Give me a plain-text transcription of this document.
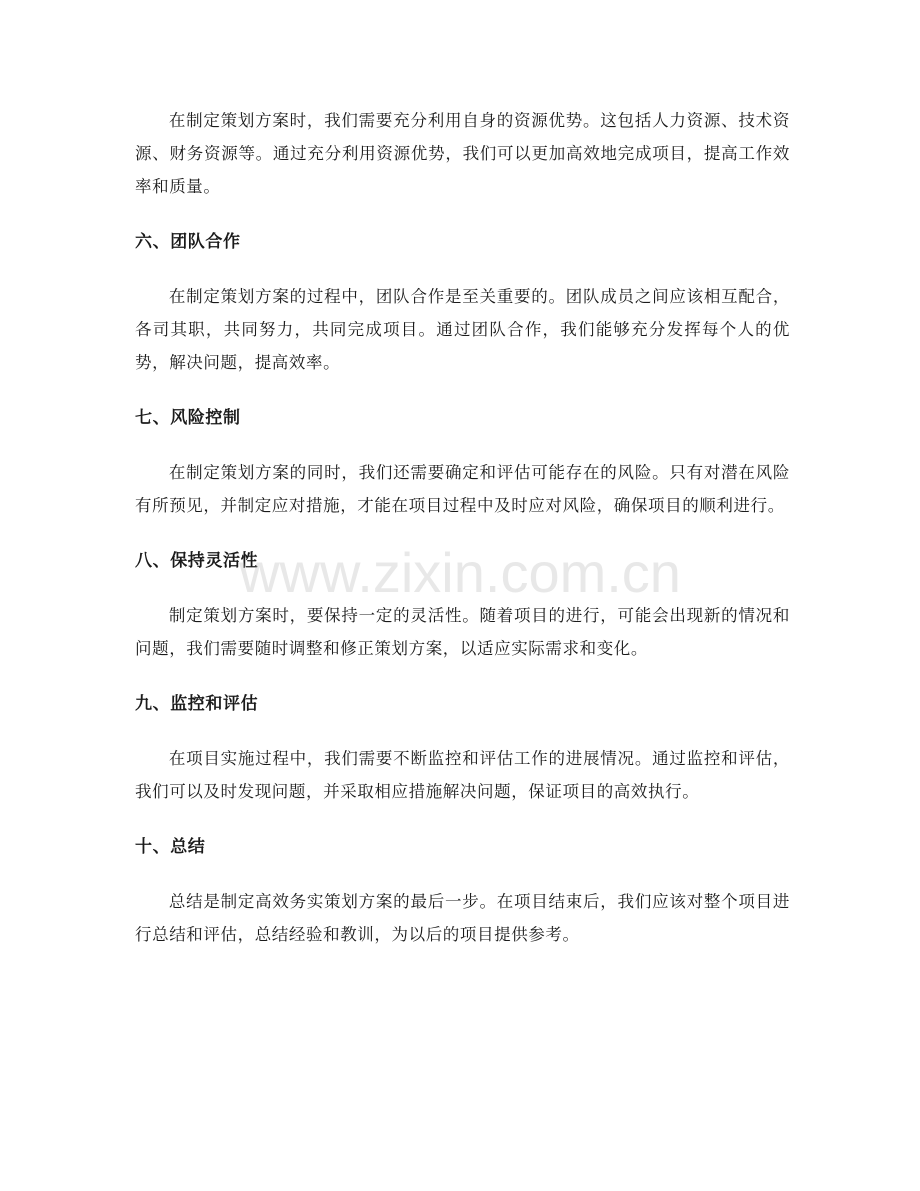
在制定策划方案时，我们需要充分利用自身的资源优势。这包括人力资源、技术资源、财务资源等。通过充分利用资源优势，我们可以更加高效地完成项目，提高工作效率和质量。

六、团队合作

在制定策划方案的过程中，团队合作是至关重要的。团队成员之间应该相互配合，各司其职，共同努力，共同完成项目。通过团队合作，我们能够充分发挥每个人的优势，解决问题，提高效率。

七、风险控制

在制定策划方案的同时，我们还需要确定和评估可能存在的风险。只有对潜在风险有所预见，并制定应对措施，才能在项目过程中及时应对风险，确保项目的顺利进行。

八、保持灵活性

制定策划方案时，要保持一定的灵活性。随着项目的进行，可能会出现新的情况和问题，我们需要随时调整和修正策划方案，以适应实际需求和变化。

九、监控和评估

在项目实施过程中，我们需要不断监控和评估工作的进展情况。通过监控和评估，我们可以及时发现问题，并采取相应措施解决问题，保证项目的高效执行。

十、总结

总结是制定高效务实策划方案的最后一步。在项目结束后，我们应该对整个项目进行总结和评估，总结经验和教训，为以后的项目提供参考。

www.zixin.com.cn
